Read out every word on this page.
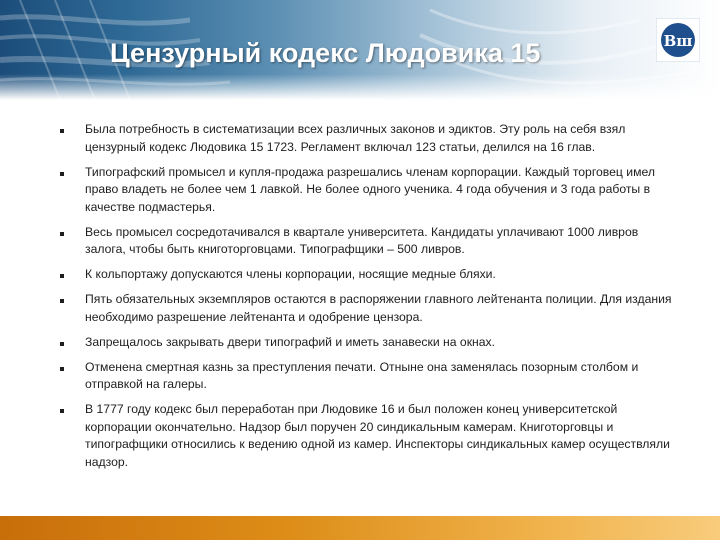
Цензурный кодекс Людовика 15	Вш
Была потребность в систематизации всех различных законов и эдиктов. Эту роль на себя взял цензурный кодекс Людовика 15 1723. Регламент включал 123 статьи, делился на 16 глав.
Типографский промысел и купля-продажа разрешались членам корпорации. Каждый торговец имел право владеть не более чем 1 лавкой. Не более одного ученика. 4 года обучения и 3 года работы в качестве подмастерья.
Весь промысел сосредотачивался в квартале университета. Кандидаты уплачивают 1000 ливров залога, чтобы быть книготорговцами. Типографщики – 500 ливров.
К кольпортажу допускаются члены корпорации, носящие медные бляхи.
Пять обязательных экземпляров остаются в распоряжении главного лейтенанта полиции. Для издания необходимо разрешение лейтенанта и одобрение цензора.
Запрещалось закрывать двери типографий и иметь занавески на окнах.
Отменена смертная казнь за преступления печати. Отныне она заменялась позорным столбом и отправкой на галеры.
В 1777 году кодекс был переработан при Людовике 16 и был положен конец университетской корпорации окончательно. Надзор был поручен 20 синдикальным камерам. Книготорговцы и типографщики относились к ведению одной из камер. Инспекторы синдикальных камер осуществляли надзор.
